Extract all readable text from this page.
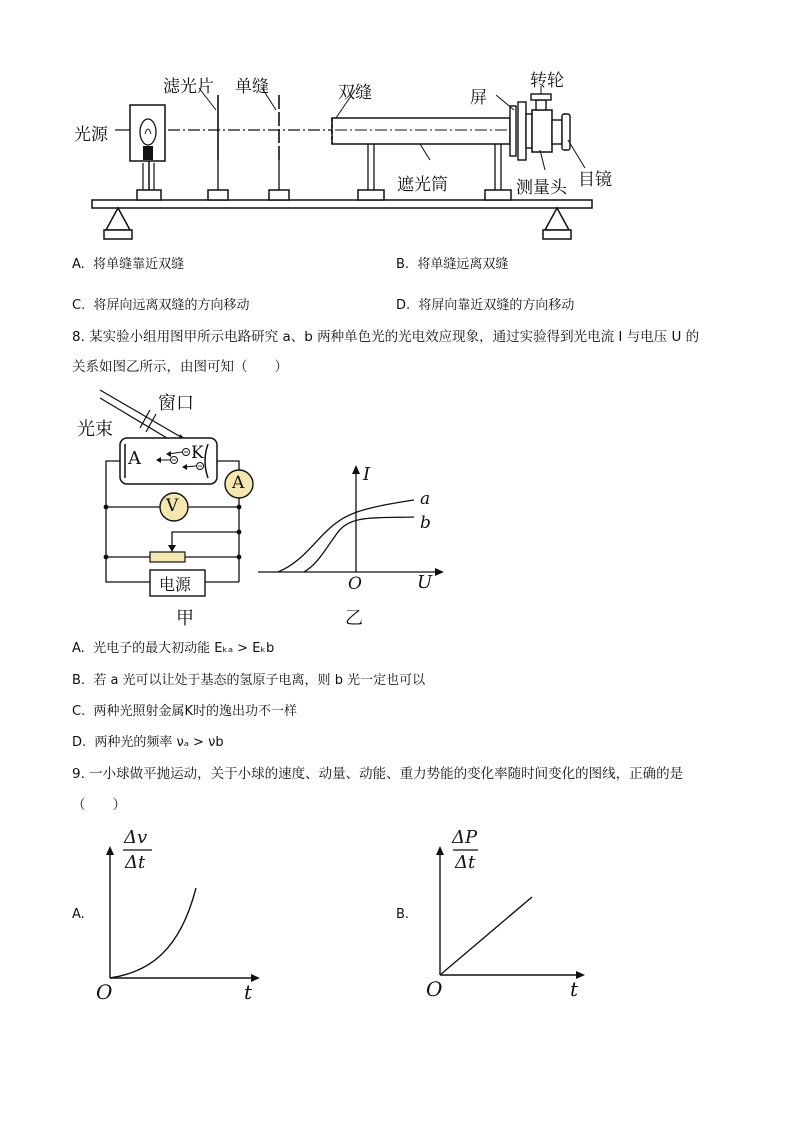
光源
滤光片 单缝	双缝	屏
转轮
遮光筒	测量头 目镜
A. 将单缝靠近双缝	B. 将单缝远离双缝
C. 将屏向远离双缝的方向移动	D. 将屏向靠近双缝的方向移动
8. 某实验小组用图甲所示电路研究 a、b 两种单色光的光电效应现象，通过实验得到光电流 I 与电压 U 的
关系如图乙所示，由图可知（　　）
光束
窗口
A	K
A
V
电源
甲
I
U
O
a
b
乙
A. 光电子的最大初动能 Eₖₐ > Eₖb
B. 若 a 光可以让处于基态的氢原子电离，则 b 光一定也可以
C. 两种光照射金属K时的逸出功不一样
D. 两种光的频率 νₐ > νb
9. 一小球做平抛运动，关于小球的速度、动量、动能、重力势能的变化率随时间变化的图线，正确的是
（　　）
A.
Δv
Δt
O	t
B.
ΔP
Δt
O	t
